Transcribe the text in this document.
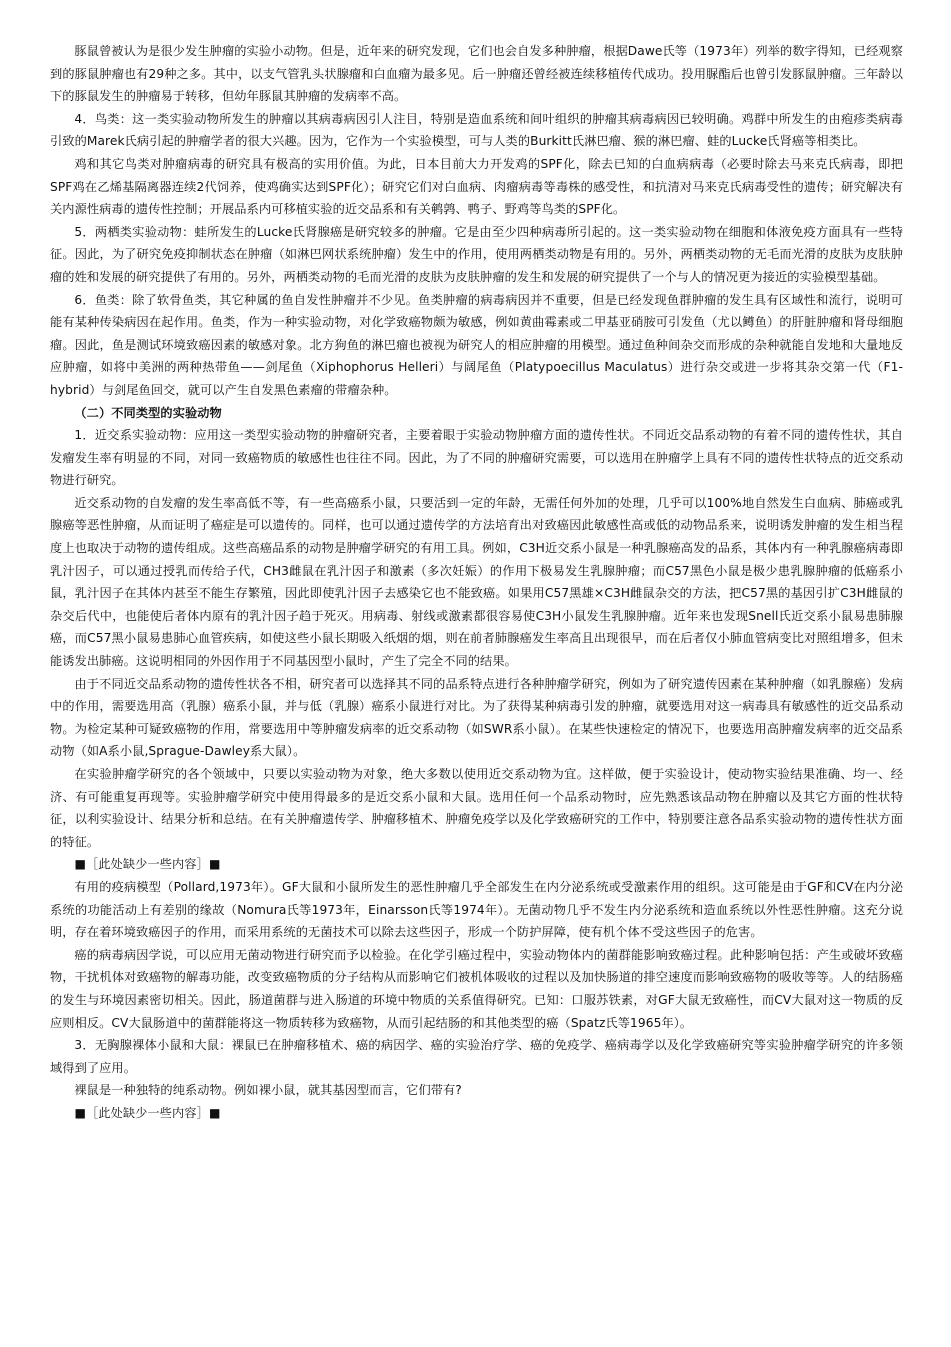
豚鼠曾被认为是很少发生肿瘤的实验小动物。但是，近年来的研究发现，它们也会自发多种肿瘤，根据Dawe氏等（1973年）列举的数字得知，已经观察到的豚鼠肿瘤也有29种之多。其中，以支气管乳头状腺瘤和白血瘤为最多见。后一肿瘤还曾经被连续移植传代成功。投用脲酯后也曾引发豚鼠肿瘤。三年龄以下的豚鼠发生的肿瘤易于转移，但幼年豚鼠其肿瘤的发病率不高。

4．鸟类：这一类实验动物所发生的肿瘤以其病毒病因引人注目，特别是造血系统和间叶组织的肿瘤其病毒病因已较明确。鸡群中所发生的由疱疹类病毒引致的Marek氏病引起的肿瘤学者的很大兴趣。因为，它作为一个实验模型，可与人类的Burkitt氏淋巴瘤、猴的淋巴瘤、蛙的Lucke氏肾癌等相类比。

鸡和其它鸟类对肿瘤病毒的研究具有极高的实用价值。为此，日本目前大力开发鸡的SPF化，除去已知的白血病病毒（必要时除去马来克氏病毒，即把SPF鸡在乙烯基隔离器连续2代饲养，使鸡确实达到SPF化）；研究它们对白血病、肉瘤病毒等毒株的感受性，和抗清对马来克氏病毒受性的遗传；研究解决有关内源性病毒的遗传性控制；开展品系内可移植实验的近交品系和有关鹌鹑、鸭子、野鸡等鸟类的SPF化。

5．两栖类实验动物：蛙所发生的Lucke氏肾腺癌是研究较多的肿瘤。它是由至少四种病毒所引起的。这一类实验动物在细胞和体液免疫方面具有一些特征。因此，为了研究免疫抑制状态在肿瘤（如淋巴网状系统肿瘤）发生中的作用，使用两栖类动物是有用的。另外，两栖类动物的无毛而光滑的皮肤为皮肤肿瘤的姓和发展的研究提供了有用的。另外，两栖类动物的毛而光滑的皮肤为皮肤肿瘤的发生和发展的研究提供了一个与人的情况更为接近的实验模型基础。

6．鱼类：除了软骨鱼类，其它种属的鱼自发性肿瘤并不少见。鱼类肿瘤的病毒病因并不重要，但是已经发现鱼群肿瘤的发生具有区域性和流行，说明可能有某种传染病因在起作用。鱼类，作为一种实验动物，对化学致癌物颇为敏感，例如黄曲霉素或二甲基亚硝胺可引发鱼（尤以鳟鱼）的肝脏肿瘤和肾母细胞瘤。因此，鱼是测试环境致癌因素的敏感对象。北方狗鱼的淋巴瘤也被视为研究人的相应肿瘤的用模型。通过鱼种间杂交而形成的杂种就能自发地和大量地反应肿瘤，如将中美洲的两种热带鱼——剑尾鱼（Xiphophorus Helleri）与阔尾鱼（Platypoecillus Maculatus）进行杂交或进一步将其杂交第一代（F1-hybrid）与剑尾鱼回交，就可以产生自发黑色素瘤的带瘤杂种。

（二）不同类型的实验动物

1．近交系实验动物：应用这一类型实验动物的肿瘤研究者，主要着眼于实验动物肿瘤方面的遗传性状。不同近交品系动物的有着不同的遗传性状，其自发瘤发生率有明显的不同，对同一致癌物质的敏感性也往往不同。因此，为了不同的肿瘤研究需要，可以选用在肿瘤学上具有不同的遗传性状特点的近交系动物进行研究。

近交系动物的自发瘤的发生率高低不等，有一些高癌系小鼠，只要活到一定的年龄，无需任何外加的处理，几乎可以100%地自然发生白血病、肺癌或乳腺癌等恶性肿瘤，从而证明了癌症是可以遗传的。同样，也可以通过遗传学的方法培育出对致癌因此敏感性高或低的动物品系来，说明诱发肿瘤的发生相当程度上也取决于动物的遗传组成。这些高癌品系的动物是肿瘤学研究的有用工具。例如，C3H近交系小鼠是一种乳腺癌高发的品系，其体内有一种乳腺癌病毒即乳汁因子，可以通过授乳而传给子代，CH3雌鼠在乳汁因子和激素（多次妊娠）的作用下极易发生乳腺肿瘤；而C57黑色小鼠是极少患乳腺肿瘤的低癌系小鼠，乳汁因子在其体内甚至不能生存繁殖，因此即使乳汁因子去感染它也不能致癌。如果用C57黑雄×C3H雌鼠杂交的方法，把C57黑的基因引扩C3H雌鼠的杂交后代中，也能使后者体内原有的乳汁因子趋于死灭。用病毒、射线或激素都很容易使C3H小鼠发生乳腺肿瘤。近年来也发现Snell氏近交系小鼠易患肺腺癌，而C57黑小鼠易患肺心血管疾病，如使这些小鼠长期吸入纸烟的烟，则在前者肺腺癌发生率高且出现很早，而在后者仅小肺血管病变比对照组增多，但未能诱发出肺癌。这说明相同的外因作用于不同基因型小鼠时，产生了完全不同的结果。

由于不同近交品系动物的遗传性状各不相，研究者可以选择其不同的品系特点进行各种肿瘤学研究，例如为了研究遗传因素在某种肿瘤（如乳腺癌）发病中的作用，需要选用高（乳腺）癌系小鼠，并与低（乳腺）癌系小鼠进行对比。为了获得某种病毒引发的肿瘤，就要选用对这一病毒具有敏感性的近交品系动物。为检定某种可疑致癌物的作用，常要选用中等肿瘤发病率的近交系动物（如SWR系小鼠）。在某些快速检定的情况下，也要选用高肿瘤发病率的近交品系动物（如A系小鼠,Sprague-Dawley系大鼠）。

在实验肿瘤学研究的各个领域中，只要以实验动物为对象，绝大多数以使用近交系动物为宜。这样做，便于实验设计，使动物实验结果准确、均一、经济、有可能重复再现等。实验肿瘤学研究中使用得最多的是近交系小鼠和大鼠。选用任何一个品系动物时，应先熟悉该品动物在肿瘤以及其它方面的性状特征，以利实验设计、结果分析和总结。在有关肿瘤遗传学、肿瘤移植术、肿瘤免疫学以及化学致癌研究的工作中，特别要注意各品系实验动物的遗传性状方面的特征。

■［此处缺少一些内容］■

有用的疫病模型（Pollard,1973年）。GF大鼠和小鼠所发生的恶性肿瘤几乎全部发生在内分泌系统或受激素作用的组织。这可能是由于GF和CV在内分泌系统的功能活动上有差别的缘故（Nomura氏等1973年，Einarsson氏等1974年）。无菌动物几乎不发生内分泌系统和造血系统以外性恶性肿瘤。这充分说明，存在着环境致癌因子的作用，而采用系统的无菌技术可以除去这些因子，形成一个防护屏障，使有机个体不受这些因子的危害。

癌的病毒病因学说，可以应用无菌动物进行研究而予以检验。在化学引癌过程中，实验动物体内的菌群能影响致癌过程。此种影响包括：产生或破坏致癌物，干扰机体对致癌物的解毒功能，改变致癌物质的分子结构从而影响它们被机体吸收的过程以及加快肠道的排空速度而影响致癌物的吸收等等。人的结肠癌的发生与环境因素密切相关。因此，肠道菌群与进入肠道的环境中物质的关系值得研究。已知：口服苏铁素，对GF大鼠无致癌性，而CV大鼠对这一物质的反应则相反。CV大鼠肠道中的菌群能将这一物质转移为致癌物，从而引起结肠的和其他类型的癌（Spatz氏等1965年）。

3．无胸腺裸体小鼠和大鼠：裸鼠已在肿瘤移植术、癌的病因学、癌的实验治疗学、癌的免疫学、癌病毒学以及化学致癌研究等实验肿瘤学研究的许多领域得到了应用。

裸鼠是一种独特的纯系动物。例如裸小鼠，就其基因型而言，它们带有?

■［此处缺少一些内容］■
